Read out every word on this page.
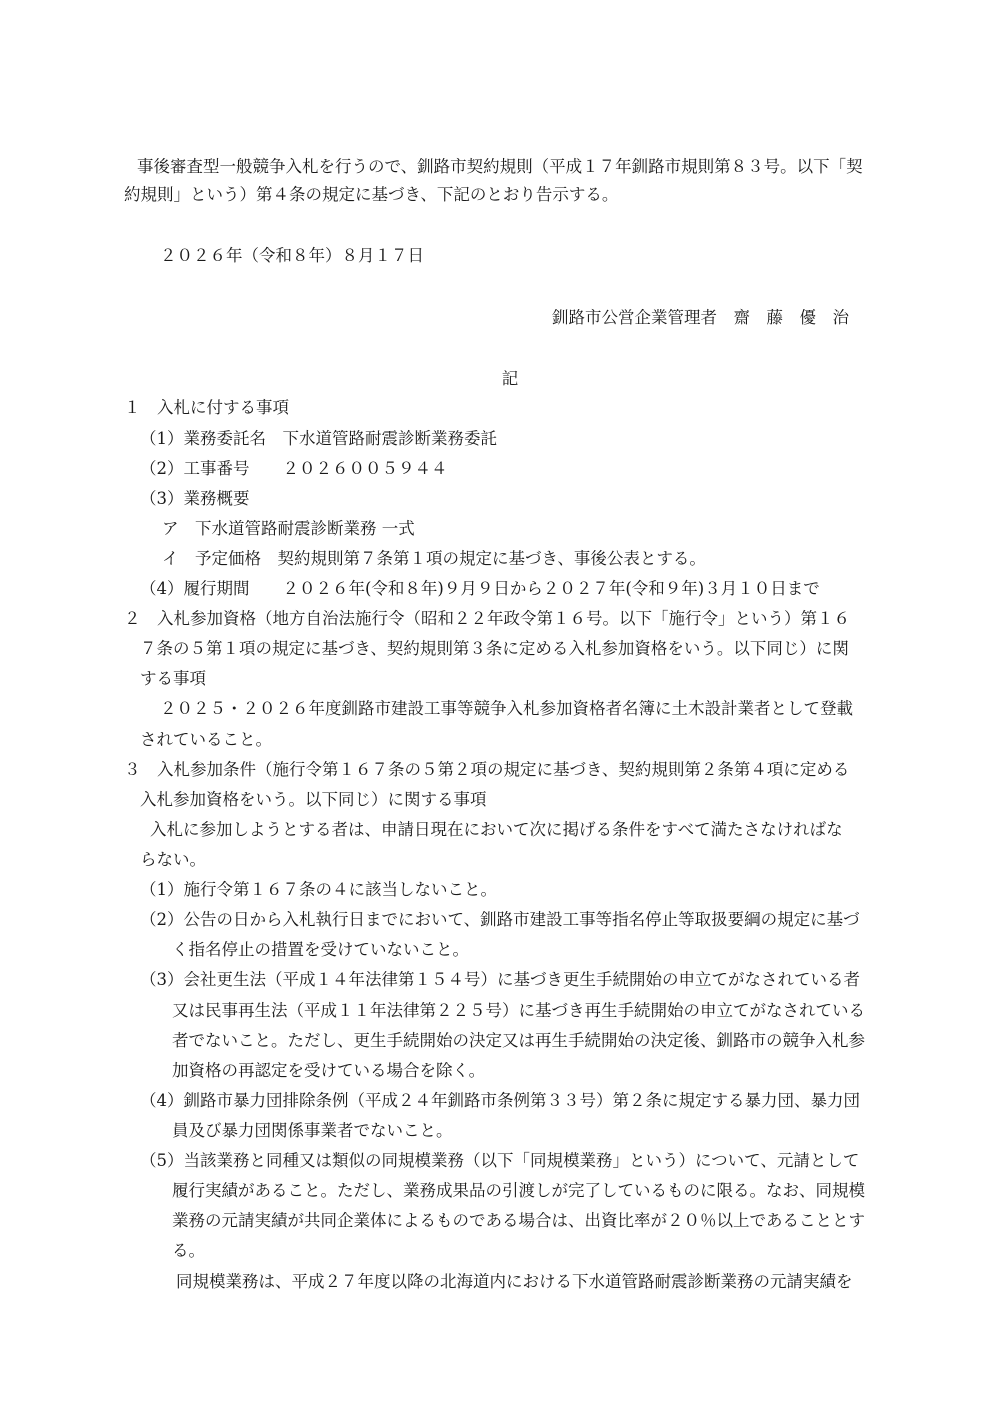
事後審査型一般競争入札を行うので、釧路市契約規則（平成１７年釧路市規則第８３号。以下「契
約規則」という）第４条の規定に基づき、下記のとおり告示する。
２０２６年（令和８年）８月１７日
釧路市公営企業管理者　齋　藤　優　治
記
１　入札に付する事項
（1）業務委託名　下水道管路耐震診断業務委託
（2）工事番号　　２０２６００５９４４
（3）業務概要
ア　下水道管路耐震診断業務 一式
イ　予定価格　契約規則第７条第１項の規定に基づき、事後公表とする。
（4）履行期間　　２０２６年(令和８年)９月９日から２０２７年(令和９年)３月１０日まで
２　入札参加資格（地方自治法施行令（昭和２２年政令第１６号。以下「施行令」という）第１６
７条の５第１項の規定に基づき、契約規則第３条に定める入札参加資格をいう。以下同じ）に関
する事項
２０２５・２０２６年度釧路市建設工事等競争入札参加資格者名簿に土木設計業者として登載
されていること。
３　入札参加条件（施行令第１６７条の５第２項の規定に基づき、契約規則第２条第４項に定める
入札参加資格をいう。以下同じ）に関する事項
入札に参加しようとする者は、申請日現在において次に掲げる条件をすべて満たさなければな
らない。
（1）施行令第１６７条の４に該当しないこと。
（2）公告の日から入札執行日までにおいて、釧路市建設工事等指名停止等取扱要綱の規定に基づ
く指名停止の措置を受けていないこと。
（3）会社更生法（平成１４年法律第１５４号）に基づき更生手続開始の申立てがなされている者
又は民事再生法（平成１１年法律第２２５号）に基づき再生手続開始の申立てがなされている
者でないこと。ただし、更生手続開始の決定又は再生手続開始の決定後、釧路市の競争入札参
加資格の再認定を受けている場合を除く。
（4）釧路市暴力団排除条例（平成２４年釧路市条例第３３号）第２条に規定する暴力団、暴力団
員及び暴力団関係事業者でないこと。
（5）当該業務と同種又は類似の同規模業務（以下「同規模業務」という）について、元請として
履行実績があること。ただし、業務成果品の引渡しが完了しているものに限る。なお、同規模
業務の元請実績が共同企業体によるものである場合は、出資比率が２０％以上であることとす
る。
同規模業務は、平成２７年度以降の北海道内における下水道管路耐震診断業務の元請実績を
